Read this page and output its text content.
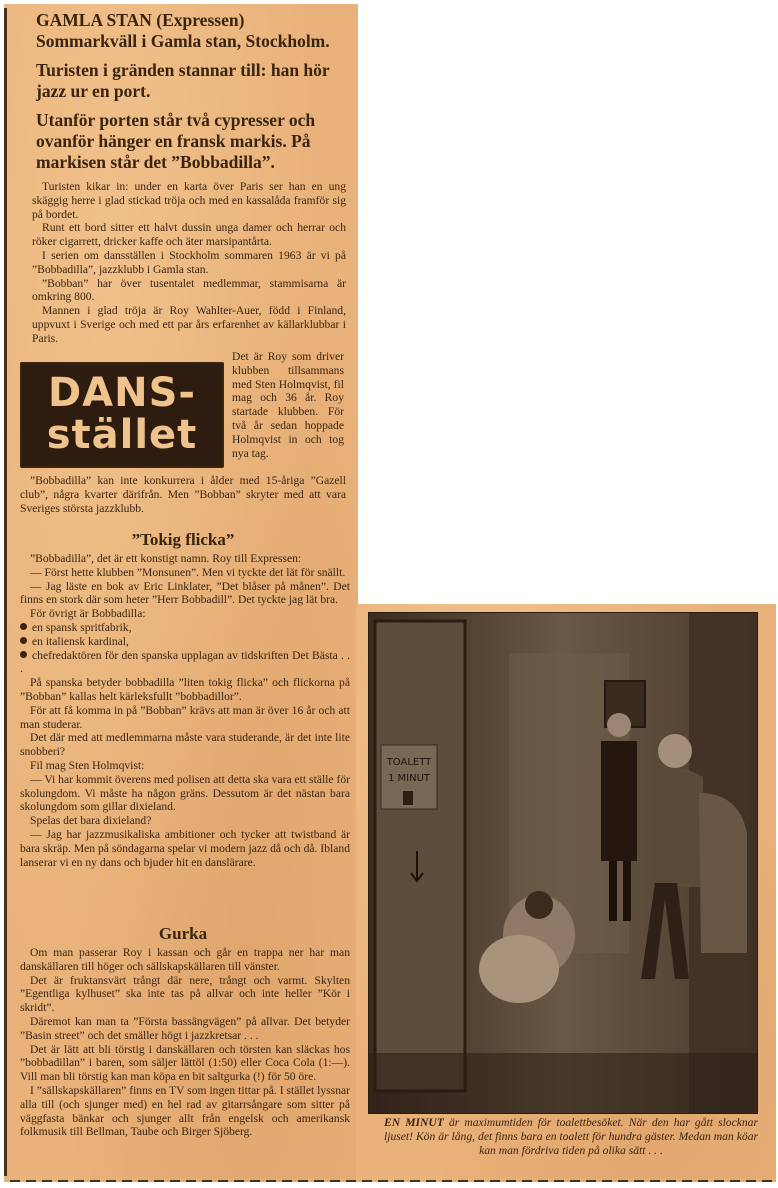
GAMLA STAN (Expressen) Sommarkväll i Gamla stan, Stockholm.

Turisten i gränden stannar till: han hör jazz ur en port.

Utanför porten står två cypresser och ovanför hänger en fransk markis. På markisen står det ”Bobbadilla”.

Turisten kikar in: under en karta över Paris ser han en ung skäggig herre i glad stickad tröja och med en kassalåda framför sig på bordet.

Runt ett bord sitter ett halvt dussin unga damer och herrar och röker cigarrett, dricker kaffe och äter marsipantårta.

I serien om dansställen i Stockholm sommaren 1963 är vi på ”Bobbadilla”, jazzklubb i Gamla stan.

”Bobban” har över tusentalet medlemmar, stammisarna är omkring 800.

Mannen i glad tröja är Roy Wahlter-Auer, född i Finland, uppvuxt i Sverige och med ett par års erfarenhet av källarklubbar i Paris.

DANS-
stället

Det är Roy som driver klubben tillsammans med Sten Holmqvist, fil mag och 36 år. Roy startade klubben. För två år sedan hoppade Holmqvist in och tog nya tag.

”Bobbadilla” kan inte konkurrera i ålder med 15-åriga ”Gazell club”, några kvarter därifrån. Men ”Bobban” skryter med att vara Sveriges största jazzklubb.

”Tokig flicka”

”Bobbadilla”, det är ett konstigt namn. Roy till Expressen:

— Först hette klubben ”Monsunen”. Men vi tyckte det lät för snällt.

— Jag läste en bok av Eric Linklater, ”Det blåser på månen”. Det finns en stork där som heter ”Herr Bobbadill”. Det tyckte jag lät bra.

För övrigt är Bobbadilla:

en spansk spritfabrik,

en italiensk kardinal,

chefredaktören för den spanska upplagan av tidskriften Det Bästa . . .

På spanska betyder bobbadilla ”liten tokig flicka” och flickorna på ”Bobban” kallas helt kärleksfullt ”bobbadillor”.

För att få komma in på ”Bobban” krävs att man är över 16 år och att man studerar.

Det där med att medlemmarna måste vara studerande, är det inte lite snobberi?

Fil mag Sten Holmqvist:

— Vi har kommit överens med polisen att detta ska vara ett ställe för skolungdom. Vi måste ha någon gräns. Dessutom är det nästan bara skolungdom som gillar dixieland.

Spelas det bara dixieland?

— Jag har jazzmusikaliska ambitioner och tycker att twistband är bara skräp. Men på söndagarna spelar vi modern jazz då och då. Ibland lanserar vi en ny dans och bjuder hit en danslärare.

Gurka

Om man passerar Roy i kassan och går en trappa ner har man danskällaren till höger och sällskapskällaren till vänster.

Det är fruktansvärt trångt där nere, trångt och varmt. Skylten ”Egentliga kylhuset” ska inte tas på allvar och inte heller ”Kör i skridt”.

Däremot kan man ta ”Första bassängvägen” på allvar. Det betyder ”Basin street” och det smäller högt i jazzkretsar . . .

Det är lätt att bli törstig i danskällaren och törsten kan släckas hos ”bobbadillan” i baren, som säljer lättöl (1:50) eller Coca Cola (1:—). Vill man bli törstig kan man köpa en bit saltgurka (!) för 50 öre.

I ”sällskapskällaren” finns en TV som ingen tittar på. I stället lyssnar alla till (och sjunger med) en hel rad av gitarrsångare som sitter på väggfasta bänkar och sjunger allt från engelsk och amerikansk folkmusik till Bellman, Taube och Birger Sjöberg.

TOALETT
1 MINUT
EN MINUT är maximumtiden för toalettbesöket. När den har gått slocknar ljuset! Kön är lång, det finns bara en toalett för hundra gäster. Medan man köar kan man fördriva tiden på olika sätt . . .
